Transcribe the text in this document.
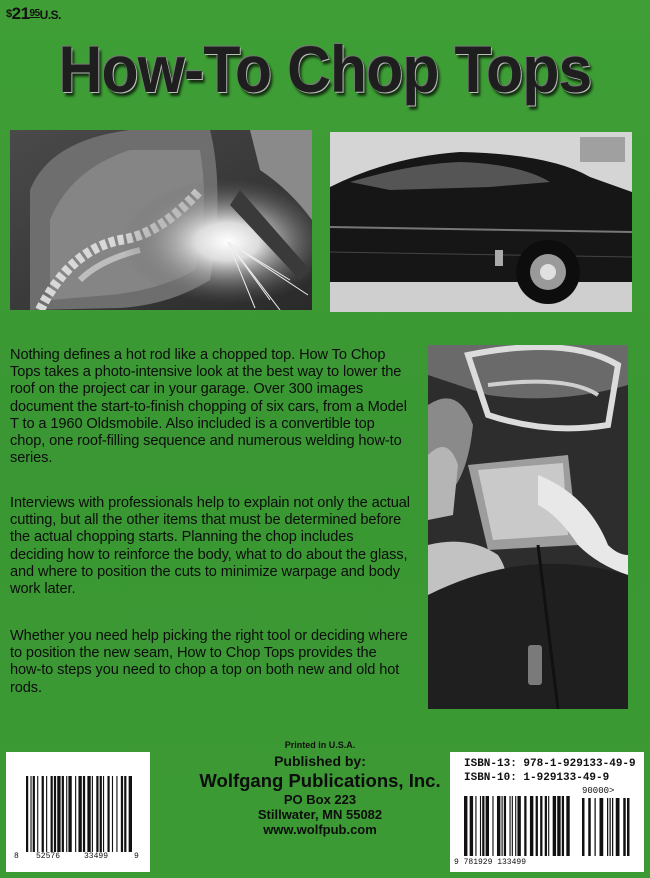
$^{\$}21^{95}U.S$.
How-To Chop Tops

Nothing defines a hot rod like a chopped top. How To Chop Tops takes a photo-intensive look at the best way to lower the roof on the project car in your garage. Over 300 images document the start-to-finish chopping of six cars, from a Model T to a 1960 Oldsmobile. Also included is a convertible top chop, one roof-filling sequence and numerous welding how-to series.

Interviews with professionals help to explain not only the actual cutting, but all the other items that must be determined before the actual chopping starts. Planning the chop includes deciding how to reinforce the body, what to do about the glass, and where to position the cuts to minimize warpage and body work later.

Whether you need help picking the right tool or deciding where to position the new seam, How to Chop Tops provides the how-to steps you need to chop a top on both new and old hot rods.

8 52576	33499	9
Printed in U.S.A.
Published by:
Wolfgang Publications, Inc.
PO Box 223
Stillwater, MN 55082
www.wolfpub.com
ISBN-13: 978-1-929133-49-9
ISBN-10: 1-929133-49-9
90000>
9 781929 133499
